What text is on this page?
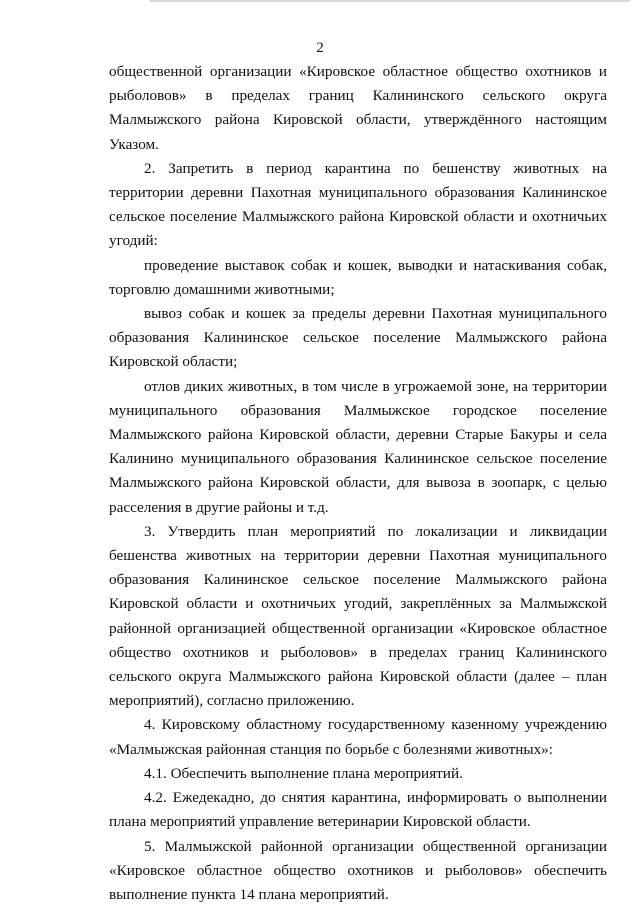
2

общественной организации «Кировское областное общество охотников и рыболовов» в пределах границ Калининского сельского округа Малмыжского района Кировской области, утверждённого настоящим Указом.

2. Запретить в период карантина по бешенству животных на территории деревни Пахотная муниципального образования Калининское сельское поселение Малмыжского района Кировской области и охотничьих угодий:

проведение выставок собак и кошек, выводки и натаскивания собак, торговлю домашними животными;

вывоз собак и кошек за пределы деревни Пахотная муниципального образования Калининское сельское поселение Малмыжского района Кировской области;

отлов диких животных, в том числе в угрожаемой зоне, на территории муниципального образования Малмыжское городское поселение Малмыжского района Кировской области, деревни Старые Бакуры и села Калинино муниципального образования Калининское сельское поселение Малмыжского района Кировской области, для вывоза в зоопарк, с целью расселения в другие районы и т.д.

3. Утвердить план мероприятий по локализации и ликвидации бешенства животных на территории деревни Пахотная муниципального образования Калининское сельское поселение Малмыжского района Кировской области и охотничьих угодий, закреплённых за Малмыжской районной организацией общественной организации «Кировское областное общество охотников и рыболовов» в пределах границ Калининского сельского округа Малмыжского района Кировской области (далее – план мероприятий), согласно приложению.

4. Кировскому областному государственному казенному учреждению «Малмыжская районная станция по борьбе с болезнями животных»:

4.1. Обеспечить выполнение плана мероприятий.

4.2. Ежедекадно, до снятия карантина, информировать о выполнении плана мероприятий управление ветеринарии Кировской области.

5. Малмыжской районной организации общественной организации «Кировское областное общество охотников и рыболовов» обеспечить выполнение пункта 14 плана мероприятий.
